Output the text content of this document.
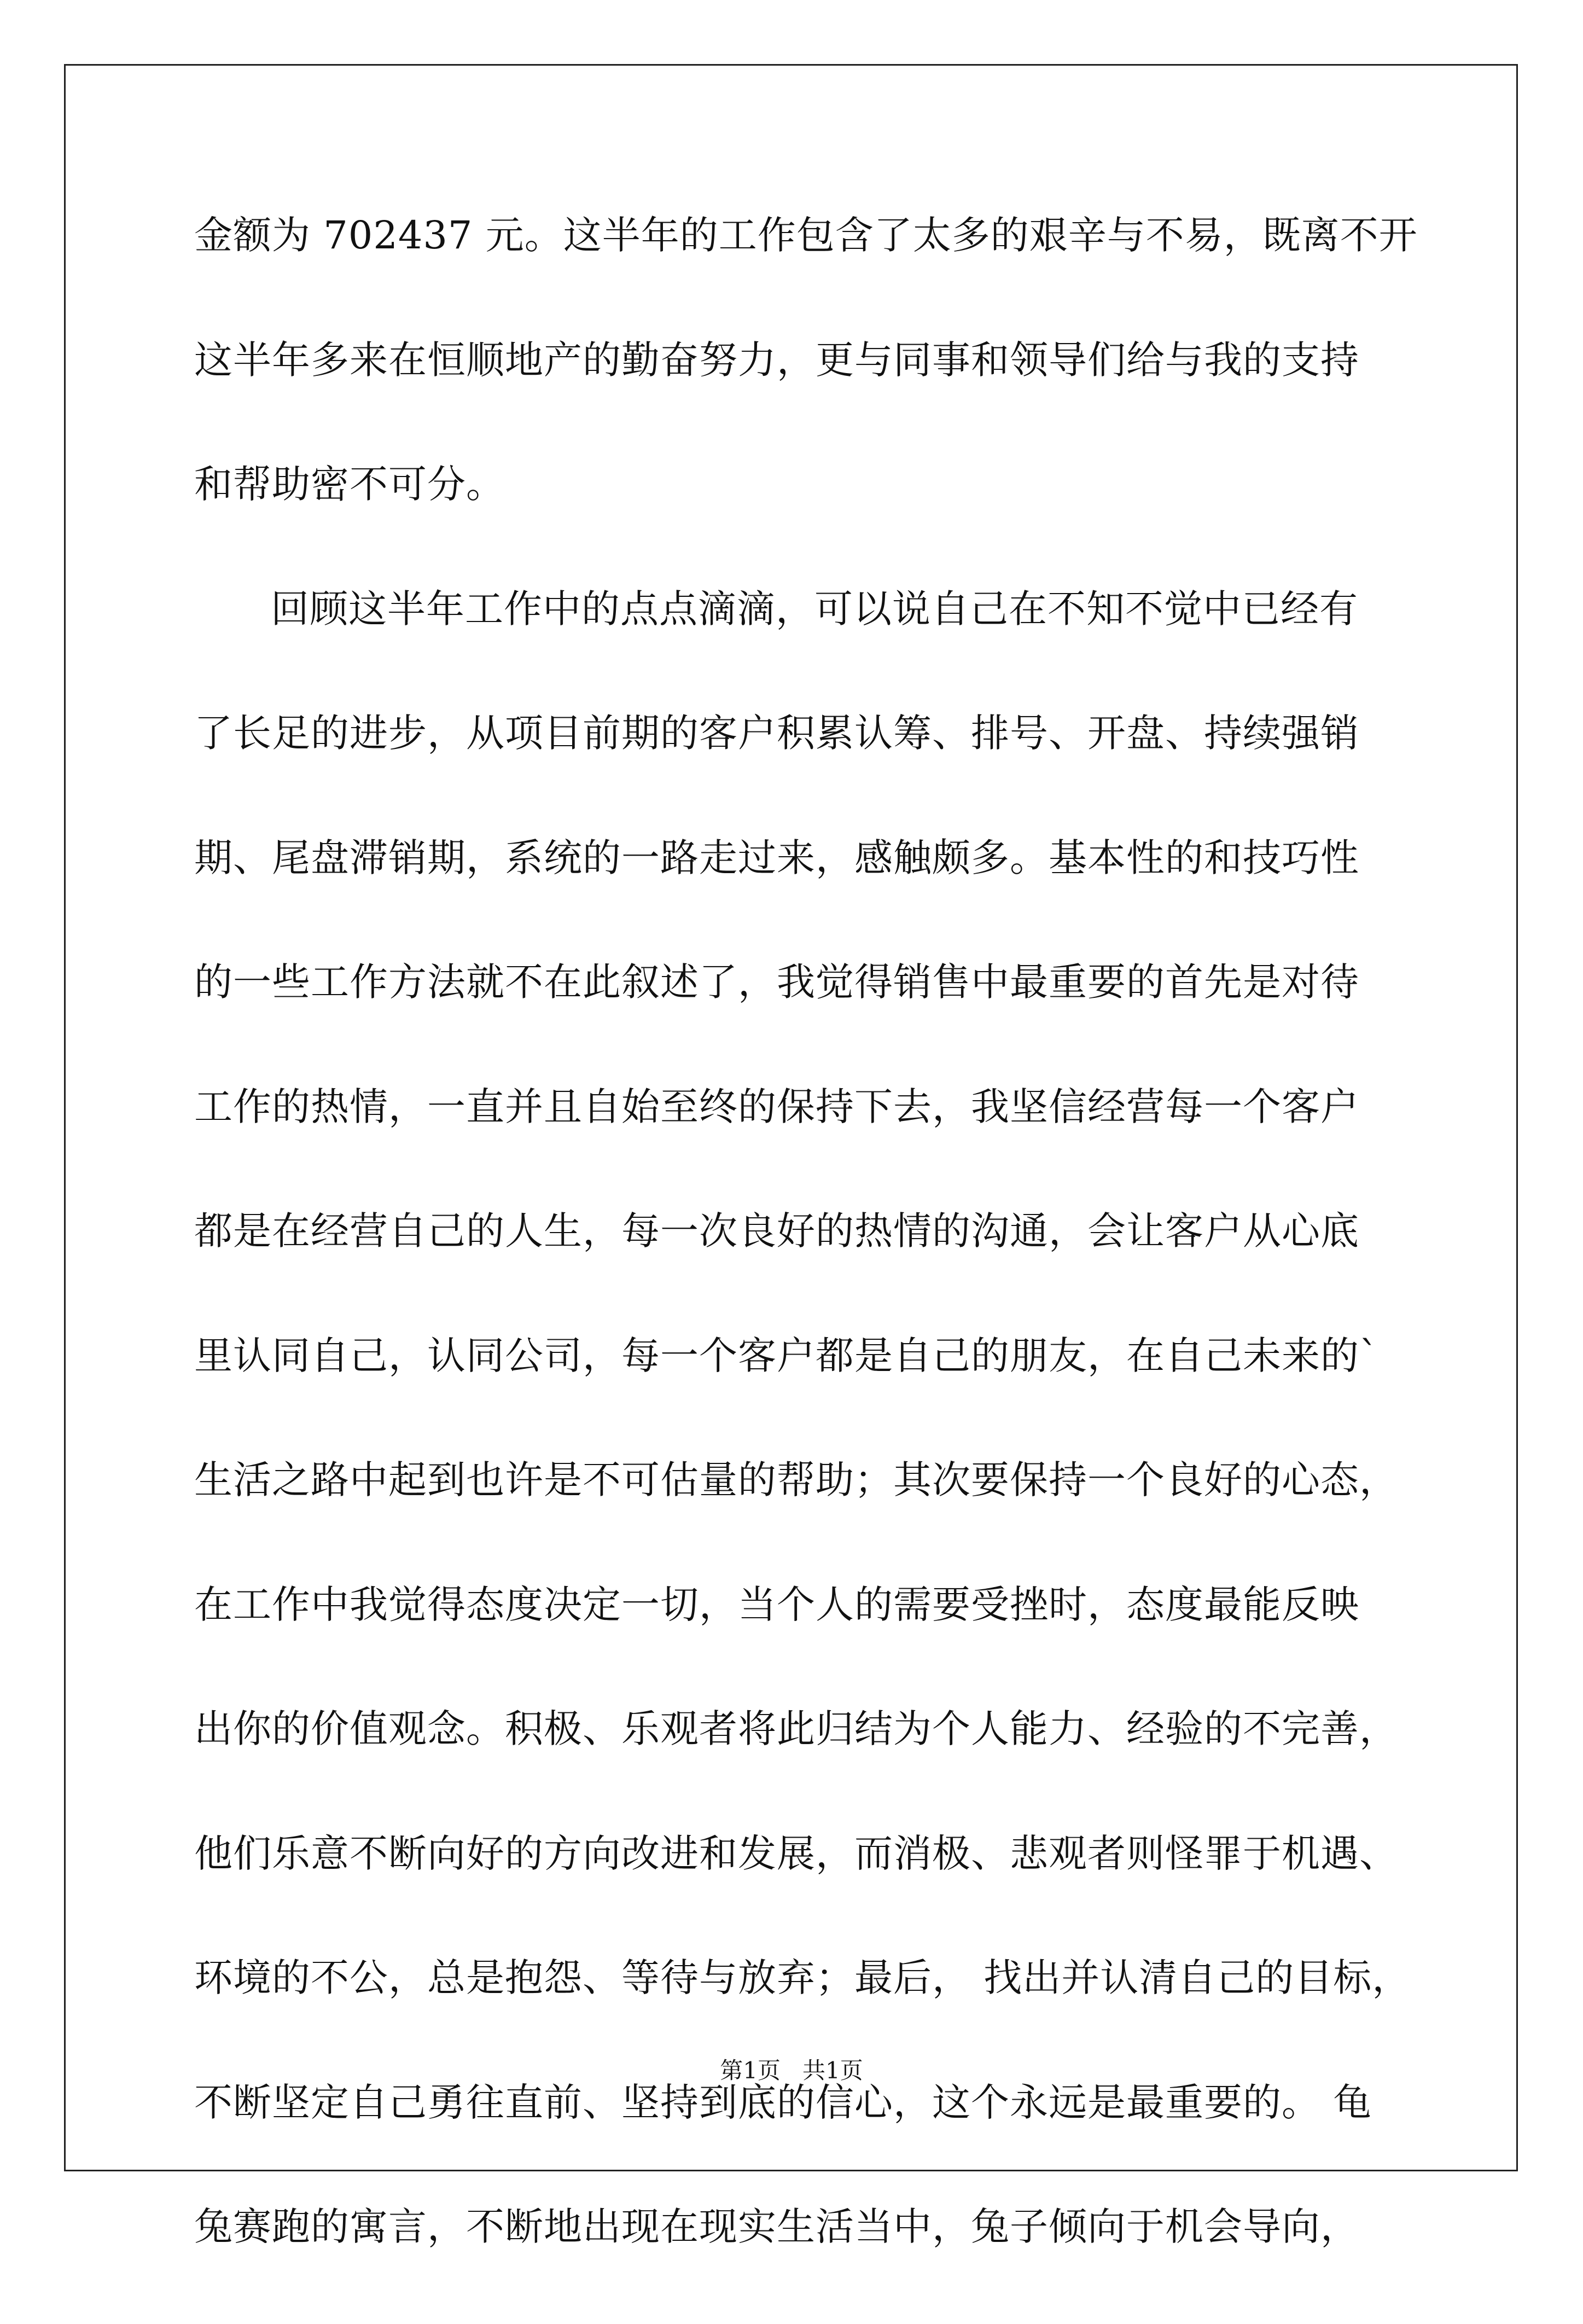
金额为 702437 元。这半年的工作包含了太多的艰辛与不易，既离不开
这半年多来在恒顺地产的勤奋努力，更与同事和领导们给与我的支持
和帮助密不可分。
回顾这半年工作中的点点滴滴，可以说自己在不知不觉中已经有
了长足的进步，从项目前期的客户积累认筹、排号、开盘、持续强销
期、尾盘滞销期，系统的一路走过来，感触颇多。基本性的和技巧性
的一些工作方法就不在此叙述了，我觉得销售中最重要的首先是对待
工作的热情，一直并且自始至终的保持下去，我坚信经营每一个客户
都是在经营自己的人生，每一次良好的热情的沟通，会让客户从心底
里认同自己，认同公司，每一个客户都是自己的朋友，在自己未来的`
生活之路中起到也许是不可估量的帮助；其次要保持一个良好的心态，
在工作中我觉得态度决定一切，当个人的需要受挫时，态度最能反映
出你的价值观念。积极、乐观者将此归结为个人能力、经验的不完善，
他们乐意不断向好的方向改进和发展，而消极、悲观者则怪罪于机遇、
环境的不公，总是抱怨、等待与放弃；最后， 找出并认清自己的目标，
不断坚定自己勇往直前、坚持到底的信心，这个永远是最重要的。 龟
兔赛跑的寓言，不断地出现在现实生活当中，兔子倾向于机会导向，
第1页   共1页
